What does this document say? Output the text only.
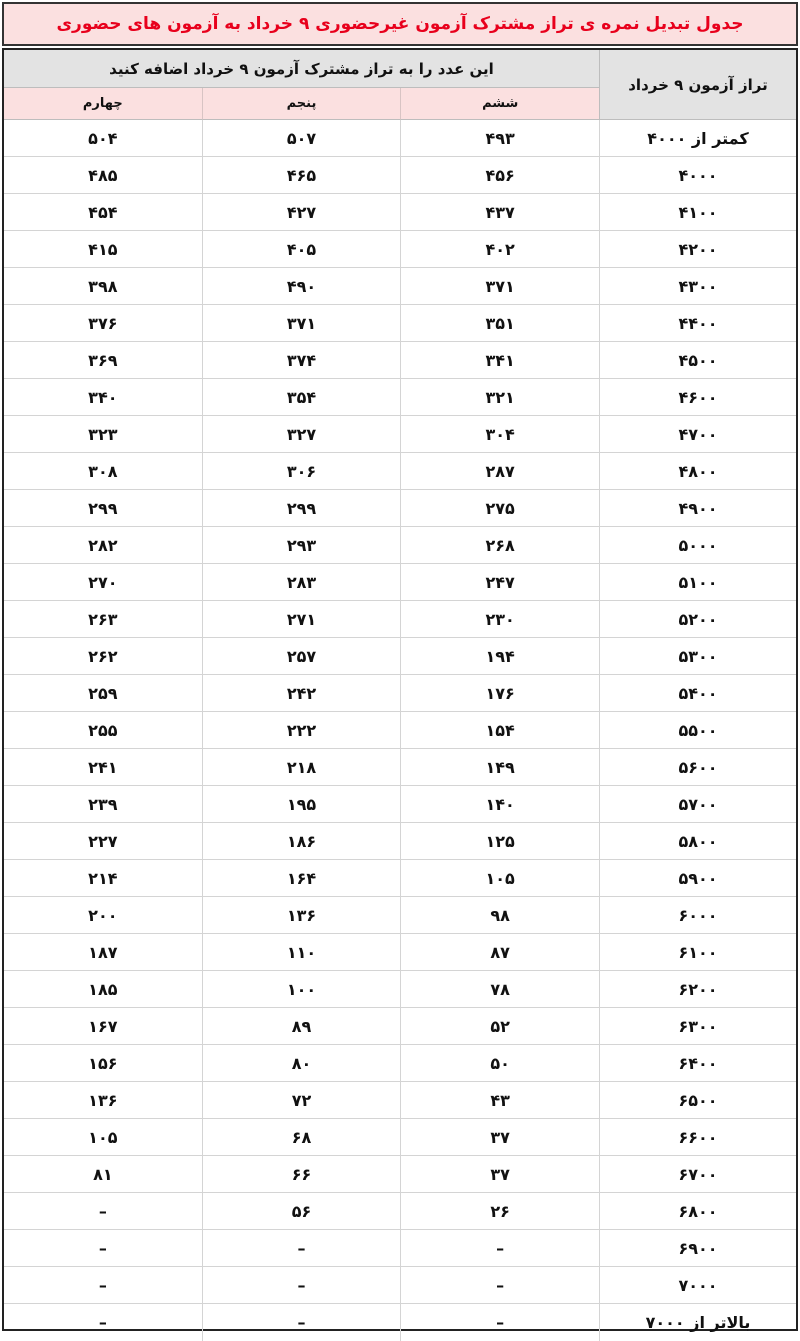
جدول تبدیل نمره ی تراز مشترک آزمون غیرحضوری ۹ خرداد به آزمون های حضوری
تراز آزمون ۹ خرداد
این عدد را به تراز مشترک آزمون ۹ خرداد اضافه کنید
ششم
پنجم
چهارم
کمتر از ۴۰۰۰
۴۹۳
۵۰۷
۵۰۴
۴۰۰۰
۴۵۶
۴۶۵
۴۸۵
۴۱۰۰
۴۳۷
۴۲۷
۴۵۴
۴۲۰۰
۴۰۲
۴۰۵
۴۱۵
۴۳۰۰
۳۷۱
۴۹۰
۳۹۸
۴۴۰۰
۳۵۱
۳۷۱
۳۷۶
۴۵۰۰
۳۴۱
۳۷۴
۳۶۹
۴۶۰۰
۳۲۱
۳۵۴
۳۴۰
۴۷۰۰
۳۰۴
۳۲۷
۳۲۳
۴۸۰۰
۲۸۷
۳۰۶
۳۰۸
۴۹۰۰
۲۷۵
۲۹۹
۲۹۹
۵۰۰۰
۲۶۸
۲۹۳
۲۸۲
۵۱۰۰
۲۴۷
۲۸۳
۲۷۰
۵۲۰۰
۲۳۰
۲۷۱
۲۶۳
۵۳۰۰
۱۹۴
۲۵۷
۲۶۲
۵۴۰۰
۱۷۶
۲۴۲
۲۵۹
۵۵۰۰
۱۵۴
۲۲۲
۲۵۵
۵۶۰۰
۱۴۹
۲۱۸
۲۴۱
۵۷۰۰
۱۴۰
۱۹۵
۲۳۹
۵۸۰۰
۱۲۵
۱۸۶
۲۲۷
۵۹۰۰
۱۰۵
۱۶۴
۲۱۴
۶۰۰۰
۹۸
۱۳۶
۲۰۰
۶۱۰۰
۸۷
۱۱۰
۱۸۷
۶۲۰۰
۷۸
۱۰۰
۱۸۵
۶۳۰۰
۵۲
۸۹
۱۶۷
۶۴۰۰
۵۰
۸۰
۱۵۶
۶۵۰۰
۴۳
۷۲
۱۳۶
۶۶۰۰
۳۷
۶۸
۱۰۵
۶۷۰۰
۳۷
۶۶
۸۱
۶۸۰۰
۲۶
۵۶
–
۶۹۰۰
–
–
–
۷۰۰۰
–
–
–
بالاتر از ۷۰۰۰
–
–
–
